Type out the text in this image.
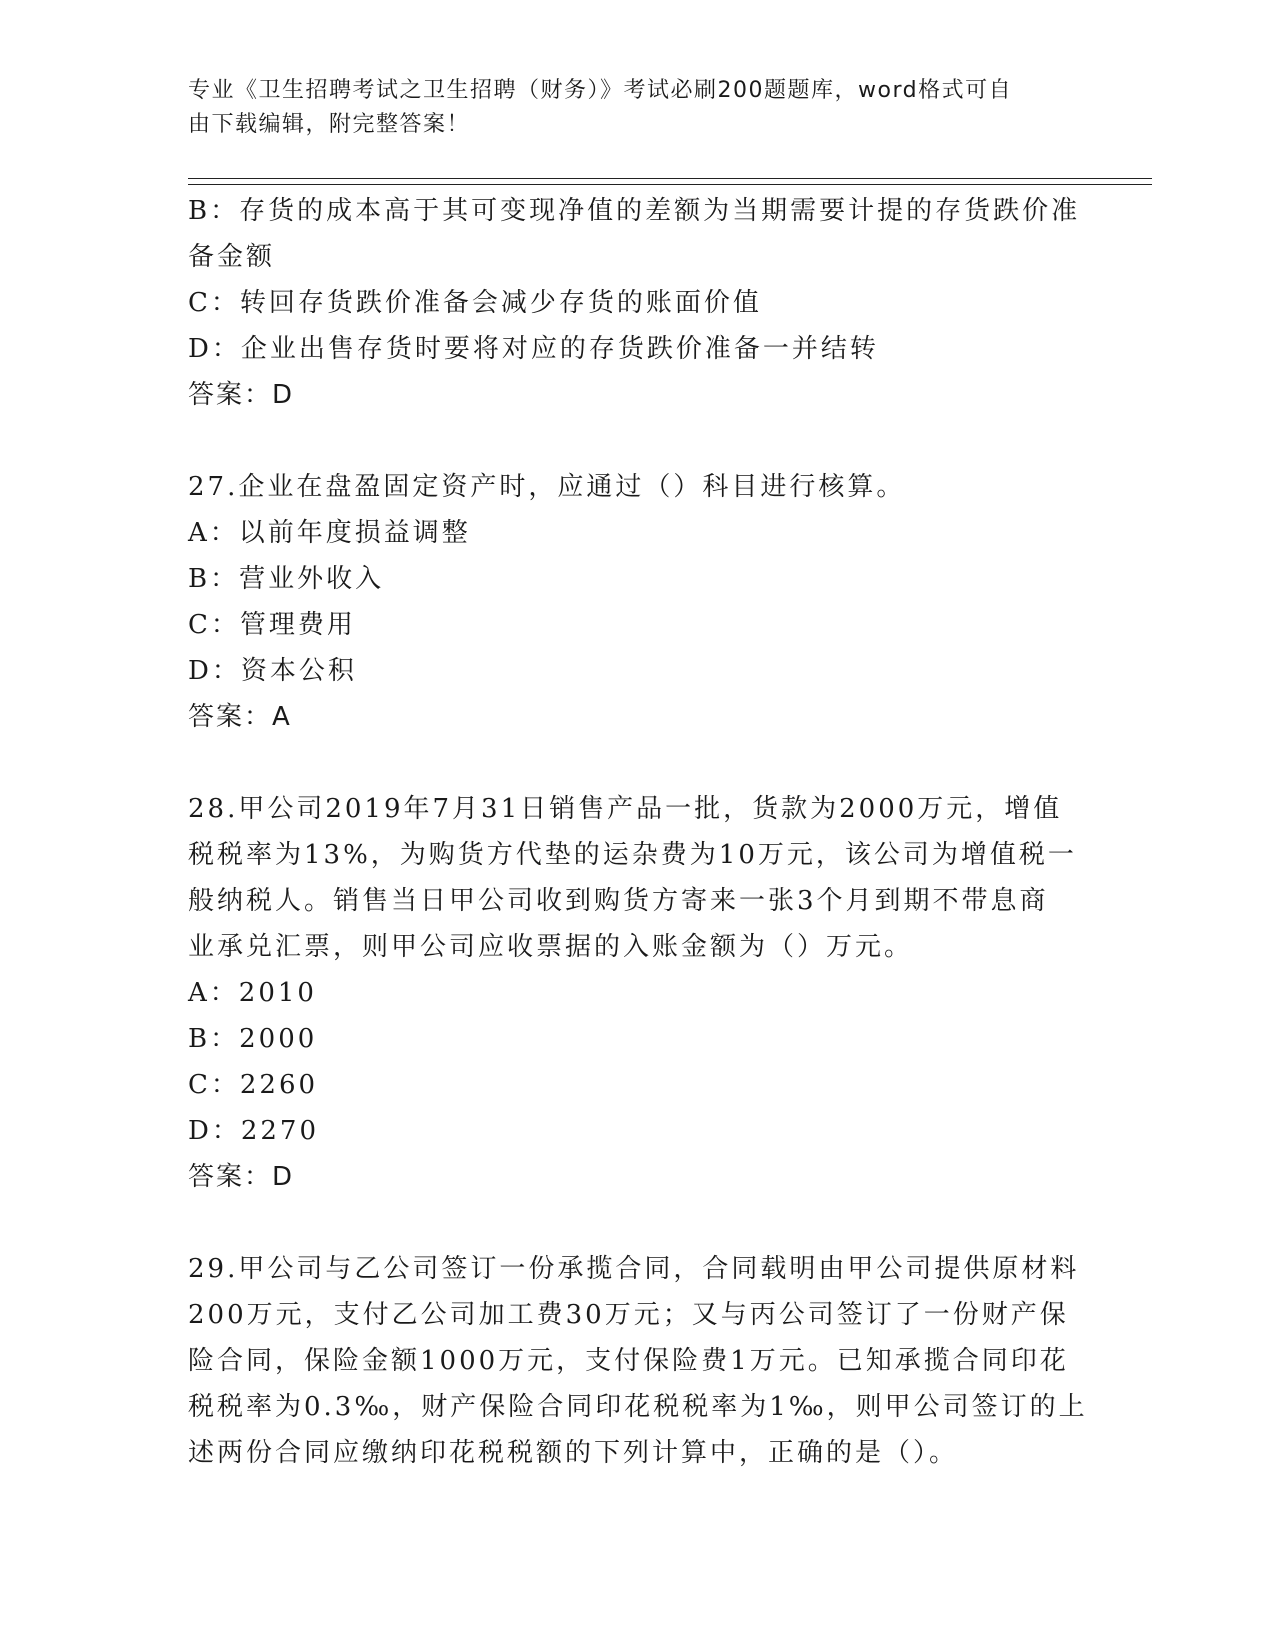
专业《卫生招聘考试之卫生招聘（财务）》考试必刷200题题库，word格式可自
由下载编辑，附完整答案！
B：存货的成本高于其可变现净值的差额为当期需要计提的存货跌价准
备金额
C：转回存货跌价准备会减少存货的账面价值
D：企业出售存货时要将对应的存货跌价准备一并结转
答案：D
27.企业在盘盈固定资产时，应通过（）科目进行核算。
A：以前年度损益调整
B：营业外收入
C：管理费用
D：资本公积
答案：A
28.甲公司2019年7月31日销售产品一批，货款为2000万元，增值
税税率为13%，为购货方代垫的运杂费为10万元，该公司为增值税一
般纳税人。销售当日甲公司收到购货方寄来一张3个月到期不带息商
业承兑汇票，则甲公司应收票据的入账金额为（）万元。
A：2010
B：2000
C：2260
D：2270
答案：D
29.甲公司与乙公司签订一份承揽合同，合同载明由甲公司提供原材料
200万元，支付乙公司加工费30万元；又与丙公司签订了一份财产保
险合同，保险金额1000万元，支付保险费1万元。已知承揽合同印花
税税率为0.3‰，财产保险合同印花税税率为1‰，则甲公司签订的上
述两份合同应缴纳印花税税额的下列计算中，正确的是（）。
